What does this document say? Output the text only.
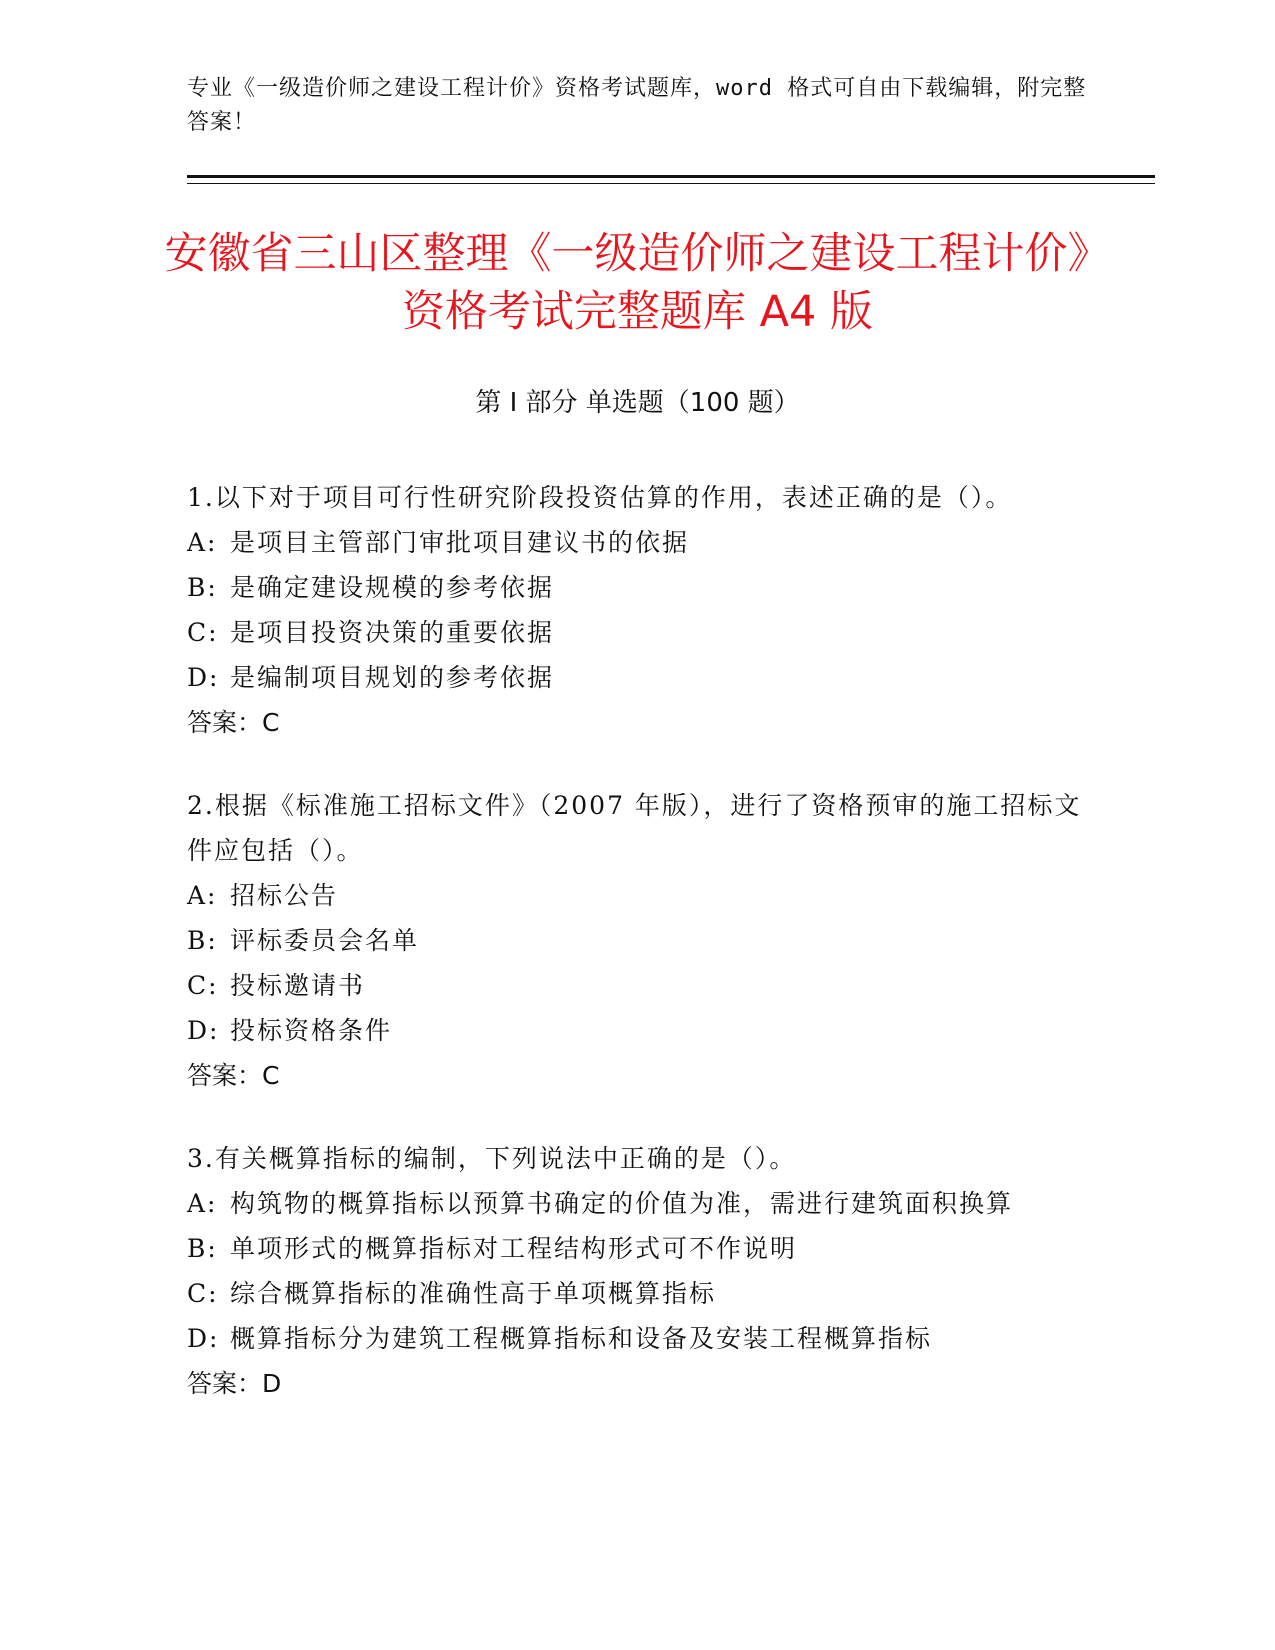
专业《一级造价师之建设工程计价》资格考试题库，word 格式可自由下载编辑，附完整答案！
安徽省三山区整理《一级造价师之建设工程计价》资格考试完整题库 A4 版
第 I 部分 单选题（100 题）
1.以下对于项目可行性研究阶段投资估算的作用，表述正确的是（）。
A: 是项目主管部门审批项目建议书的依据
B: 是确定建设规模的参考依据
C: 是项目投资决策的重要依据
D: 是编制项目规划的参考依据
答案：C
2.根据《标准施工招标文件》（2007 年版），进行了资格预审的施工招标文件应包括（）。
A: 招标公告
B: 评标委员会名单
C: 投标邀请书
D: 投标资格条件
答案：C
3.有关概算指标的编制，下列说法中正确的是（）。
A: 构筑物的概算指标以预算书确定的价值为准，需进行建筑面积换算
B: 单项形式的概算指标对工程结构形式可不作说明
C: 综合概算指标的准确性高于单项概算指标
D: 概算指标分为建筑工程概算指标和设备及安装工程概算指标
答案：D
